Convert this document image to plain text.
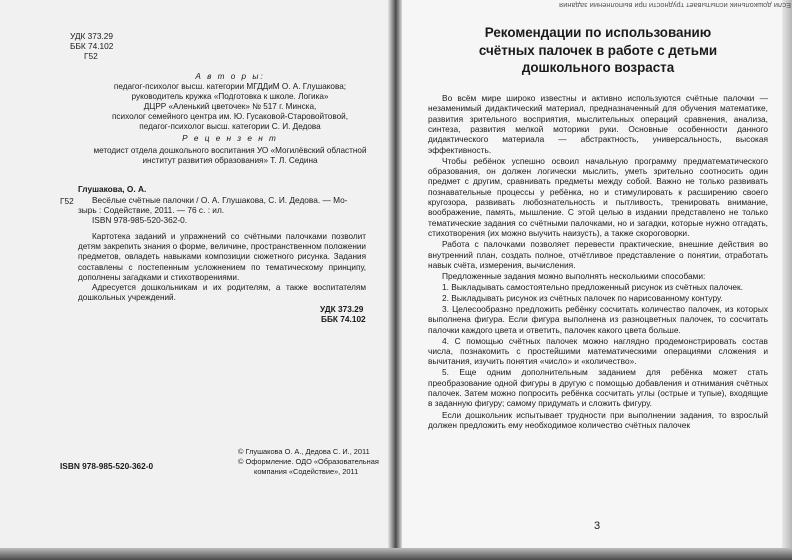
УДК 373.29
ББК 74.102
Г52
А в т о р ы:
педагог-психолог высш. категории МГДДиМ О. А. Глушакова;
руководитель кружка «Подготовка к школе. Логика»
ДЦРР «Аленький цветочек» № 517 г. Минска,
психолог семейного центра им. Ю. Гусаковой-Старовойтовой,
педагог-психолог высш. категории С. И. Дедова
Р е ц е н з е н т
методист отдела дошкольного воспитания УО «Могилёвский областной
институт развития образования» Т. Л. Седина
Г52
Глушакова, О. А.
Весёлые счётные палочки / О. А. Глушакова, С. И. Дедова. — Мо-
зырь : Содействие, 2011. — 76 с. : ил.
ISBN 978-985-520-362-0.

Картотека заданий и упражнений со счётными палочками позволит детям закрепить знания о форме, величине, пространственном положении предметов, овладеть навыками композиции сюжетного рисунка. Задания составлены с постепенным усложнением по тематическому принципу, дополнены загадками и стихотворениями.

Адресуется дошкольникам и их родителям, а также воспитателям дошкольных учреждений.

УДК 373.29
ББК 74.102
ISBN 978-985-520-362-0
© Глушакова О. А., Дедова С. И., 2011
© Оформление. ОДО «Образовательная
компания «Содействие», 2011
Если дошкольник испытывает трудности при выполнении задания
Рекомендации по использованию
счётных палочек в работе с детьми
дошкольного возраста

Во всём мире широко известны и активно используются счётные палочки — незаменимый дидактический материал, предназначенный для обучения математике, развития зрительного восприятия, мыслительных операций сравнения, анализа, синтеза, развития мелкой моторики руки. Основные особенности данного дидактического материала — абстрактность, универсальность, высокая эффективность.

Чтобы ребёнок успешно освоил начальную программу предматематического образования, он должен логически мыслить, уметь зрительно соотносить один предмет с другим, сравнивать предметы между собой. Важно не только развивать познавательные процессы у ребёнка, но и стимулировать к расширению своего кругозора, развивать любознательность и пытливость, тренировать внимание, воображение, память, мышление. С этой целью в издании представлено не только тематические задания со счётными палочками, но и загадки, которые нужно отгадать, стихотворения (их можно выучить наизусть), а также скороговорки.

Работа с палочками позволяет перевести практические, внешние действия во внутренний план, создать полное, отчётливое представление о понятии, отработать навык счёта, измерения, вычисления.

Предложенные задания можно выполнять несколькими способами:

1. Выкладывать самостоятельно предложенный рисунок из счётных палочек.

2. Выкладывать рисунок из счётных палочек по нарисованному контуру.

3. Целесообразно предложить ребёнку сосчитать количество палочек, из которых выполнена фигура. Если фигура выполнена из разноцветных палочек, то сосчитать палочки каждого цвета и ответить, палочек какого цвета больше.

4. С помощью счётных палочек можно наглядно продемонстрировать состав числа, познакомить с простейшими математическими операциями сложения и вычитания, изучить понятия «число» и «количество».

5. Еще одним дополнительным заданием для ребёнка может стать преобразование одной фигуры в другую с помощью добавления и отнимания счётных палочек. Затем можно попросить ребёнка сосчитать углы (острые и тупые), входящие в заданную фигуру; самому придумать и сложить фигуру.

Если дошкольник испытывает трудности при выполнении задания, то взрослый должен предложить ему необходимое количество счётных палочек

3
